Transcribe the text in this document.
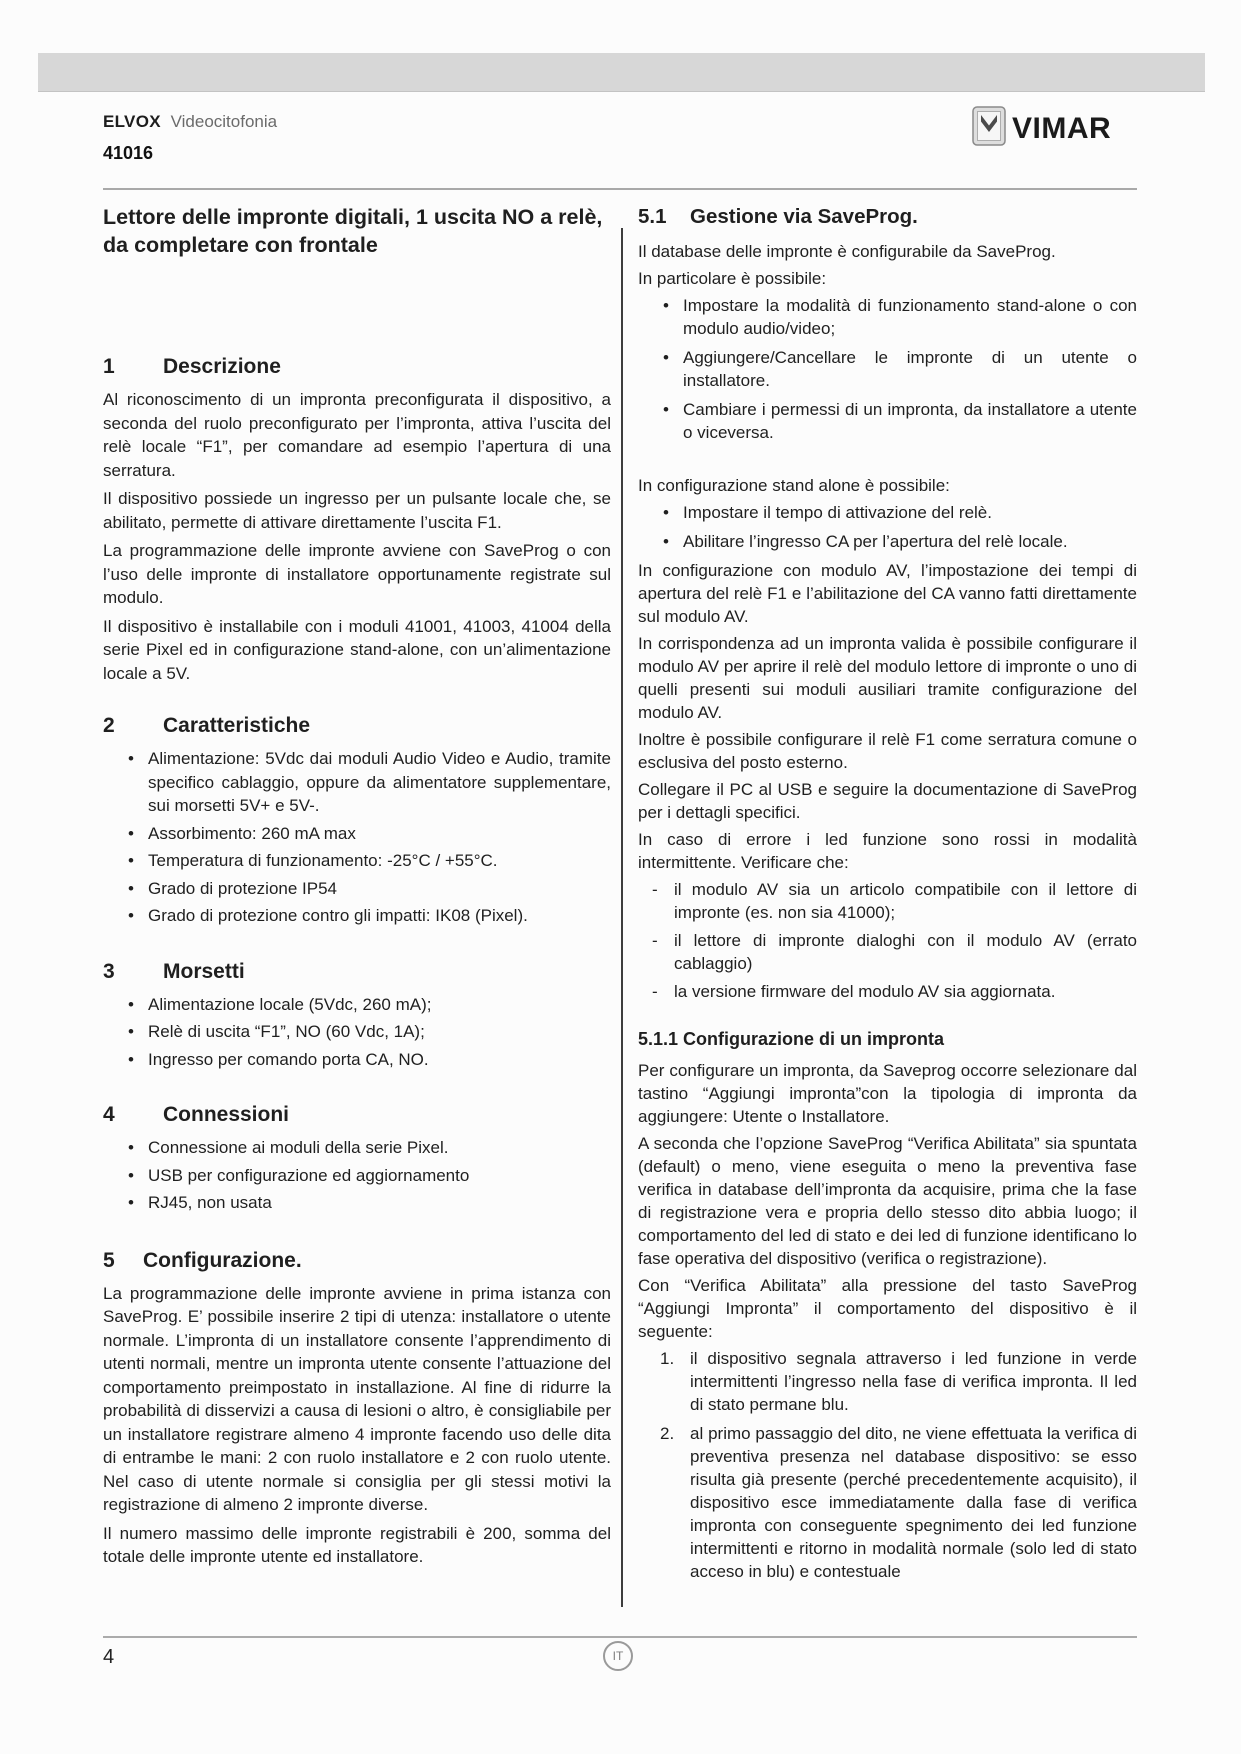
ELVOX Videocitofonia
41016
VIMAR
Lettore delle impronte digitali, 1 uscita NO a relè, da completare con frontale
1 Descrizione

Al riconoscimento di un impronta preconfigurata il dispositivo, a seconda del ruolo preconfigurato per l’impronta, attiva l’uscita del relè locale “F1”, per comandare ad esempio l’apertura di una serratura.

Il dispositivo possiede un ingresso per un pulsante locale che, se abilitato, permette di attivare direttamente l’uscita F1.

La programmazione delle impronte avviene con SaveProg o con l’uso delle impronte di installatore opportunamente registrate sul modulo.

Il dispositivo è installabile con i moduli 41001, 41003, 41004 della serie Pixel ed in configurazione stand-alone, con un’alimentazione locale a 5V.

2 Caratteristiche
• Alimentazione: 5Vdc dai moduli Audio Video e Audio, tramite specifico cablaggio, oppure da alimentatore supplementare, sui morsetti 5V+ e 5V-.
• Assorbimento: 260 mA max
• Temperatura di funzionamento: -25°C / +55°C.
• Grado di protezione IP54
• Grado di protezione contro gli impatti: IK08 (Pixel).
3 Morsetti
• Alimentazione locale (5Vdc, 260 mA);
• Relè di uscita “F1”, NO (60 Vdc, 1A);
• Ingresso per comando porta CA, NO.
4 Connessioni
• Connessione ai moduli della serie Pixel.
• USB per configurazione ed aggiornamento
• RJ45, non usata
5 Configurazione.

La programmazione delle impronte avviene in prima istanza con SaveProg. E’ possibile inserire 2 tipi di utenza: installatore o utente normale. L’impronta di un installatore consente l’apprendimento di utenti normali, mentre un impronta utente consente l’attuazione del comportamento preimpostato in installazione. Al fine di ridurre la probabilità di disservizi a causa di lesioni o altro, è consigliabile per un installatore registrare almeno 4 impronte facendo uso delle dita di entrambe le mani: 2 con ruolo installatore e 2 con ruolo utente. Nel caso di utente normale si consiglia per gli stessi motivi la registrazione di almeno 2 impronte diverse.

Il numero massimo delle impronte registrabili è 200, somma del totale delle impronte utente ed installatore.

5.1 Gestione via SaveProg.

Il database delle impronte è configurabile da SaveProg.

In particolare è possibile:

• Impostare la modalità di funzionamento stand-alone o con modulo audio/video;
• Aggiungere/Cancellare le impronte di un utente o installatore.
• Cambiare i permessi di un impronta, da installatore a utente o viceversa.

In configurazione stand alone è possibile:

• Impostare il tempo di attivazione del relè.
• Abilitare l’ingresso CA per l’apertura del relè locale.

In configurazione con modulo AV, l’impostazione dei tempi di apertura del relè F1 e l’abilitazione del CA vanno fatti direttamente sul modulo AV.

In corrispondenza ad un impronta valida è possibile configurare il modulo AV per aprire il relè del modulo lettore di impronte o uno di quelli presenti sui moduli ausiliari tramite configurazione del modulo AV.

Inoltre è possibile configurare il relè F1 come serratura comune o esclusiva del posto esterno.

Collegare il PC al USB e seguire la documentazione di SaveProg per i dettagli specifici.

In caso di errore i led funzione sono rossi in modalità intermittente. Verificare che:

- il modulo AV sia un articolo compatibile con il lettore di impronte (es. non sia 41000);
- il lettore di impronte dialoghi con il modulo AV (errato cablaggio)
- la versione firmware del modulo AV sia aggiornata.
5.1.1 Configurazione di un impronta

Per configurare un impronta, da Saveprog occorre selezionare dal tastino “Aggiungi impronta”con la tipologia di impronta da aggiungere: Utente o Installatore.

A seconda che l’opzione SaveProg “Verifica Abilitata” sia spuntata (default) o meno, viene eseguita o meno la preventiva fase verifica in database dell’impronta da acquisire, prima che la fase di registrazione vera e propria dello stesso dito abbia luogo; il comportamento del led di stato e dei led di funzione identificano lo fase operativa del dispositivo (verifica o registrazione).

Con “Verifica Abilitata” alla pressione del tasto SaveProg “Aggiungi Impronta” il comportamento del dispositivo è il seguente:

1. il dispositivo segnala attraverso i led funzione in verde intermittenti l’ingresso nella fase di verifica impronta. Il led di stato permane blu.
2. al primo passaggio del dito, ne viene effettuata la verifica di preventiva presenza nel database dispositivo: se esso risulta già presente (perché precedentemente acquisito), il dispositivo esce immediatamente dalla fase di verifica impronta con conseguente spegnimento dei led funzione intermittenti e ritorno in modalità normale (solo led di stato acceso in blu) e contestuale
4	IT
